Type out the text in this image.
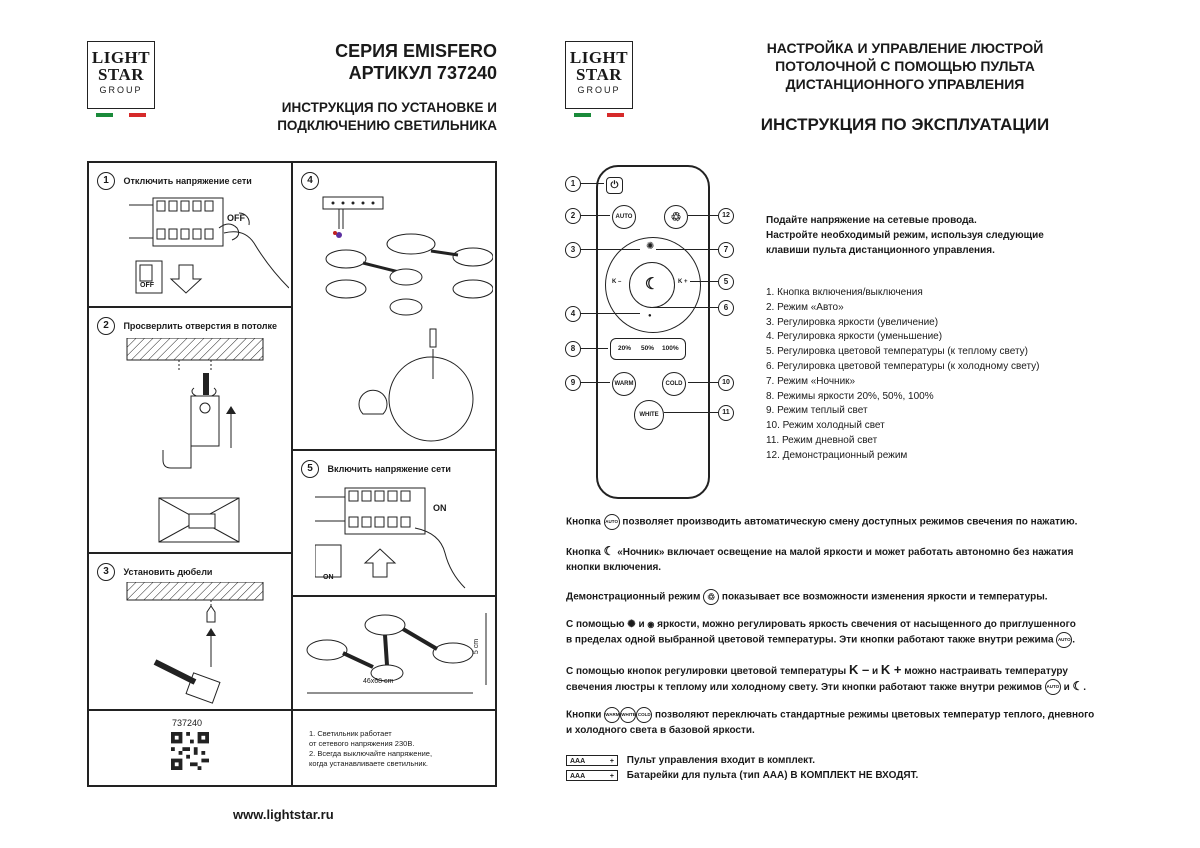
LIGHT
STAR
GROUP
СЕРИЯ EMISFERO
АРТИКУЛ 737240
ИНСТРУКЦИЯ ПО УСТАНОВКЕ И
ПОДКЛЮЧЕНИЮ СВЕТИЛЬНИКА
1 Отключить напряжение сети
OFF
OFF
2 Просверлить отверстия в потолке
3 Установить дюбели
4
5 Включить напряжение сети
ON
ON
46x68 cm
5 cm
737240
1. Светильник работает
от сетевого напряжения 230В.
2. Всегда выключайте напряжение,
когда устанавливаете светильник.
www.lightstar.ru
LIGHT
STAR
GROUP
НАСТРОЙКА И УПРАВЛЕНИЕ ЛЮСТРОЙ
ПОТОЛОЧНОЙ С ПОМОЩЬЮ ПУЛЬТА
ДИСТАНЦИОННОГО УПРАВЛЕНИЯ
ИНСТРУКЦИЯ ПО ЭКСПЛУАТАЦИИ
⏻
AUTO	♲
✺
●
K –	K +
☾
20% 50% 100%
WARM	COLD
WHITE
1
2
3
4
8
9
12
7
5
6
10
11
Подайте напряжение на сетевые провода.
Настройте необходимый режим, используя следующие
клавиши пульта дистанционного управления.
1. Кнопка включения/выключения
2. Режим «Авто»
3. Регулировка яркости (увеличение)
4. Регулировка яркости (уменьшение)
5. Регулировка цветовой температуры (к теплому свету)
6. Регулировка цветовой температуры (к холодному свету)
7. Режим «Ночник»
8. Режимы яркости 20%, 50%, 100%
9. Режим теплый свет
10. Режим холодный свет
11. Режим дневной свет
12. Демонстрационный режим
Кнопка AUTO позволяет производить автоматическую смену доступных режимов свечения по нажатию.
Кнопка ☾ «Ночник» включает освещение на малой яркости и может работать автономно без нажатия
кнопки включения.
Демонстрационный режим ♲ показывает все возможности изменения яркости и температуры.
С помощью ✺ и ◉ яркости, можно регулировать яркость свечения от насыщенного до приглушенного
в пределах одной выбранной цветовой температуры. Эти кнопки работают также внутри режима AUTO .
С помощью кнопок регулировки цветовой температуры K – и K + можно настраивать температуру
свечения люстры к теплому или холодному свету. Эти кнопки работают также внутри режимов AUTO и ☾.
Кнопки WARM WHITE COLD позволяют переключать стандартные режимы цветовых температур теплого, дневного
и холодного света в базовой яркости.
AAA	+ Пульт управления входит в комплект.
AAA	+ Батарейки для пульта (тип ААА) В КОМПЛЕКТ НЕ ВХОДЯТ.
